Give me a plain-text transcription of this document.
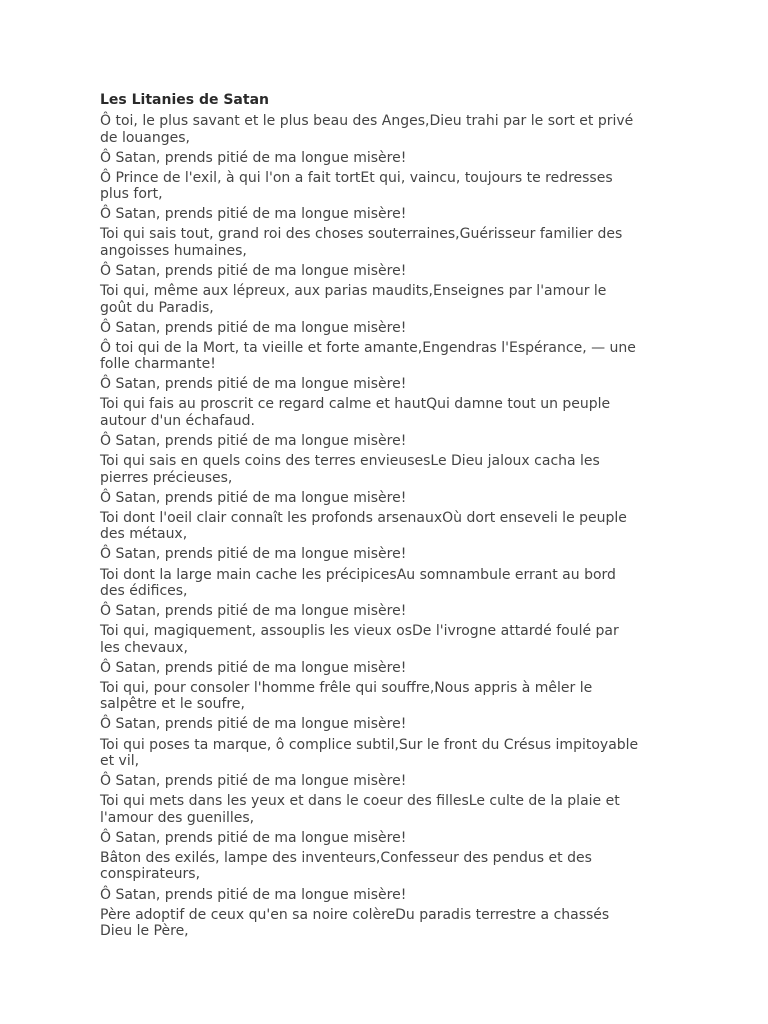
Les Litanies de Satan

Ô toi, le plus savant et le plus beau des Anges,Dieu trahi par le sort et privé de louanges,

Ô Satan, prends pitié de ma longue misère!

Ô Prince de l'exil, à qui l'on a fait tortEt qui, vaincu, toujours te redresses plus fort,

Ô Satan, prends pitié de ma longue misère!

Toi qui sais tout, grand roi des choses souterraines,Guérisseur familier des angoisses humaines,

Ô Satan, prends pitié de ma longue misère!

Toi qui, même aux lépreux, aux parias maudits,Enseignes par l'amour le goût du Paradis,

Ô Satan, prends pitié de ma longue misère!

Ô toi qui de la Mort, ta vieille et forte amante,Engendras l'Espérance, — une folle charmante!

Ô Satan, prends pitié de ma longue misère!

Toi qui fais au proscrit ce regard calme et hautQui damne tout un peuple autour d'un échafaud.

Ô Satan, prends pitié de ma longue misère!

Toi qui sais en quels coins des terres envieusesLe Dieu jaloux cacha les pierres précieuses,

Ô Satan, prends pitié de ma longue misère!

Toi dont l'oeil clair connaît les profonds arsenauxOù dort enseveli le peuple des métaux,

Ô Satan, prends pitié de ma longue misère!

Toi dont la large main cache les précipicesAu somnambule errant au bord des édifices,

Ô Satan, prends pitié de ma longue misère!

Toi qui, magiquement, assouplis les vieux osDe l'ivrogne attardé foulé par les chevaux,

Ô Satan, prends pitié de ma longue misère!

Toi qui, pour consoler l'homme frêle qui souffre,Nous appris à mêler le salpêtre et le soufre,

Ô Satan, prends pitié de ma longue misère!

Toi qui poses ta marque, ô complice subtil,Sur le front du Crésus impitoyable et vil,

Ô Satan, prends pitié de ma longue misère!

Toi qui mets dans les yeux et dans le coeur des fillesLe culte de la plaie et l'amour des guenilles,

Ô Satan, prends pitié de ma longue misère!

Bâton des exilés, lampe des inventeurs,Confesseur des pendus et des conspirateurs,

Ô Satan, prends pitié de ma longue misère!

Père adoptif de ceux qu'en sa noire colèreDu paradis terrestre a chassés Dieu le Père,
